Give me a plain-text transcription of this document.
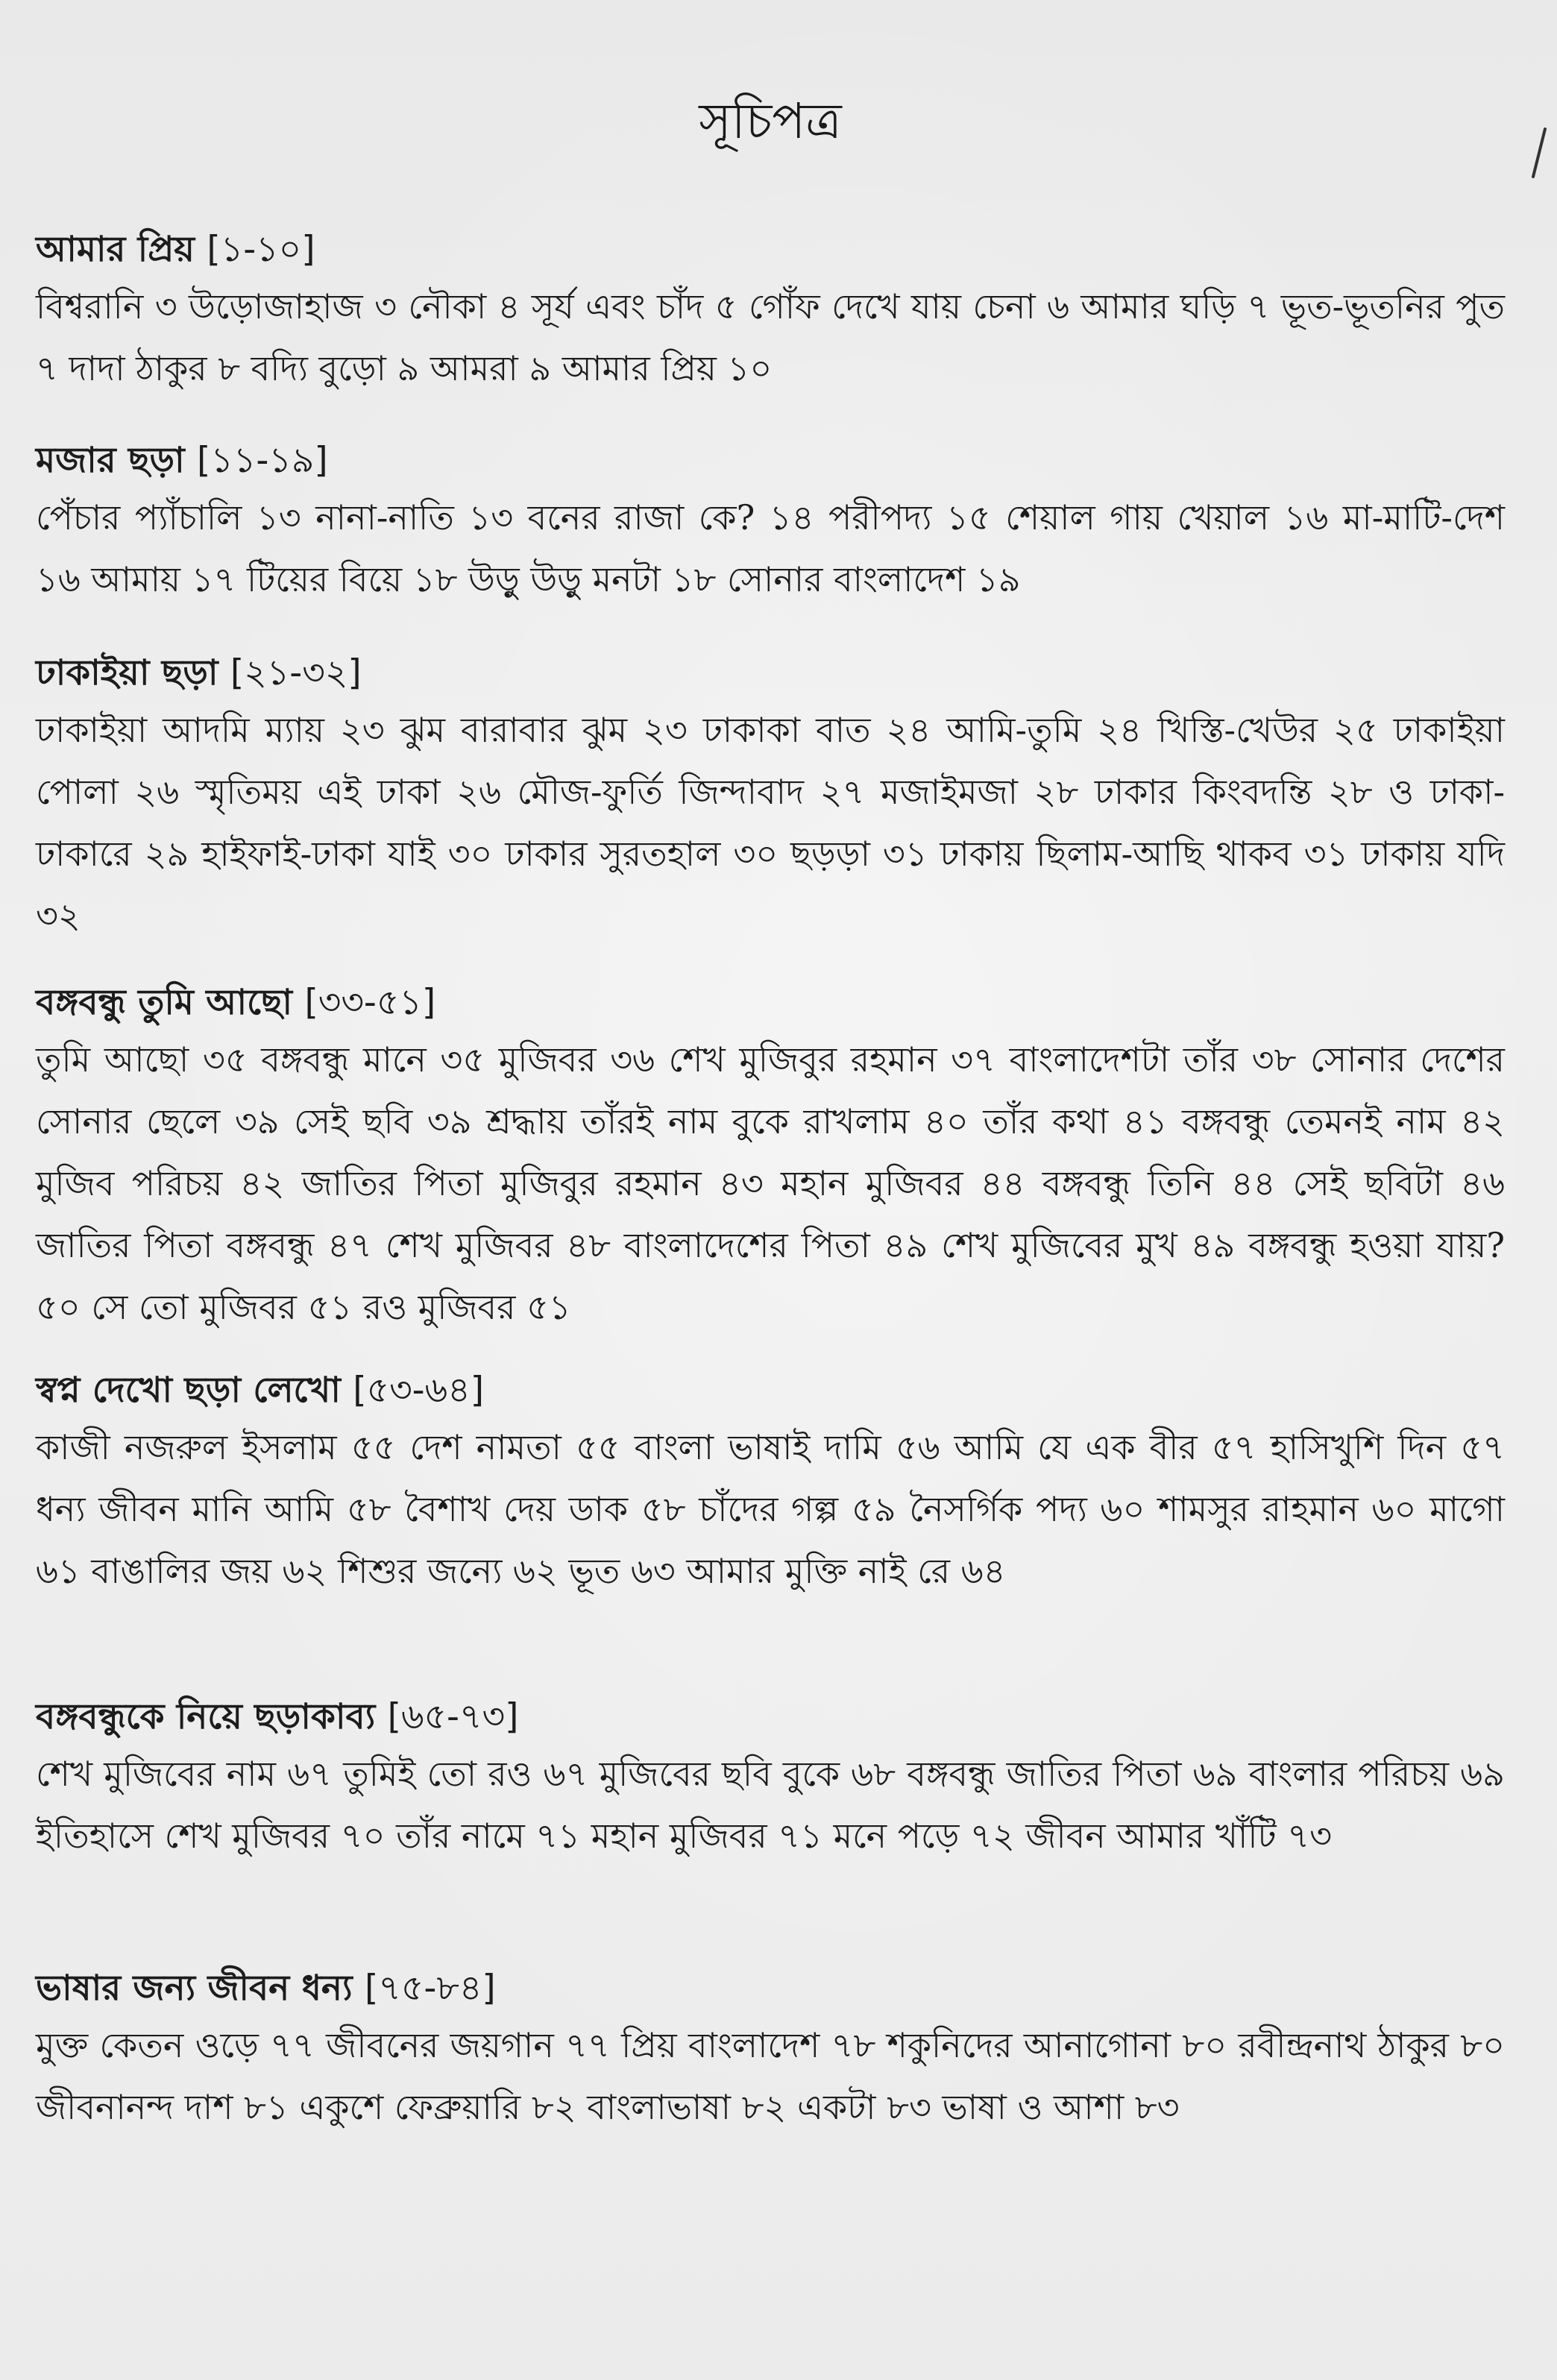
সূচিপত্র
আমার প্রিয় [১-১০]

বিশ্বরানি ৩ উড়োজাহাজ ৩ নৌকা ৪ সূর্য এবং চাঁদ ৫ গোঁফ দেখে যায় চেনা ৬ আমার ঘড়ি ৭ ভূত-ভূতনির পুত ৭ দাদা ঠাকুর ৮ বদ্যি বুড়ো ৯ আমরা ৯ আমার প্রিয় ১০

মজার ছড়া [১১-১৯]

পেঁচার প্যাঁচালি ১৩ নানা-নাতি ১৩ বনের রাজা কে? ১৪ পরীপদ্য ১৫ শেয়াল গায় খেয়াল ১৬ মা-মাটি-দেশ ১৬ আমায় ১৭ টিয়ের বিয়ে ১৮ উড়ু উড়ু মনটা ১৮ সোনার বাংলাদেশ ১৯

ঢাকাইয়া ছড়া [২১-৩২]

ঢাকাইয়া আদমি ম্যায় ২৩ ঝুম বারাবার ঝুম ২৩ ঢাকাকা বাত ২৪ আমি-তুমি ২৪ খিস্তি-খেউর ২৫ ঢাকাইয়া পোলা ২৬ স্মৃতিময় এই ঢাকা ২৬ মৌজ-ফুর্তি জিন্দাবাদ ২৭ মজাইমজা ২৮ ঢাকার কিংবদন্তি ২৮ ও ঢাকা-ঢাকারে ২৯ হাইফাই-ঢাকা যাই ৩০ ঢাকার সুরতহাল ৩০ ছড়ড়া ৩১ ঢাকায় ছিলাম-আছি থাকব ৩১ ঢাকায় যদি ৩২

বঙ্গবন্ধু তুমি আছো [৩৩-৫১]

তুমি আছো ৩৫ বঙ্গবন্ধু মানে ৩৫ মুজিবর ৩৬ শেখ মুজিবুর রহমান ৩৭ বাংলাদেশটা তাঁর ৩৮ সোনার দেশের সোনার ছেলে ৩৯ সেই ছবি ৩৯ শ্রদ্ধায় তাঁরই নাম বুকে রাখলাম ৪০ তাঁর কথা ৪১ বঙ্গবন্ধু তেমনই নাম ৪২ মুজিব পরিচয় ৪২ জাতির পিতা মুজিবুর রহমান ৪৩ মহান মুজিবর ৪৪ বঙ্গবন্ধু তিনি ৪৪ সেই ছবিটা ৪৬ জাতির পিতা বঙ্গবন্ধু ৪৭ শেখ মুজিবর ৪৮ বাংলাদেশের পিতা ৪৯ শেখ মুজিবের মুখ ৪৯ বঙ্গবন্ধু হওয়া যায়? ৫০ সে তো মুজিবর ৫১ রও মুজিবর ৫১

স্বপ্ন দেখো ছড়া লেখো [৫৩-৬৪]

কাজী নজরুল ইসলাম ৫৫ দেশ নামতা ৫৫ বাংলা ভাষাই দামি ৫৬ আমি যে এক বীর ৫৭ হাসিখুশি দিন ৫৭ ধন্য জীবন মানি আমি ৫৮ বৈশাখ দেয় ডাক ৫৮ চাঁদের গল্প ৫৯ নৈসর্গিক পদ্য ৬০ শামসুর রাহমান ৬০ মাগো ৬১ বাঙালির জয় ৬২ শিশুর জন্যে ৬২ ভূত ৬৩ আমার মুক্তি নাই রে ৬৪

বঙ্গবন্ধুকে নিয়ে ছড়াকাব্য [৬৫-৭৩]

শেখ মুজিবের নাম ৬৭ তুমিই তো রও ৬৭ মুজিবের ছবি বুকে ৬৮ বঙ্গবন্ধু জাতির পিতা ৬৯ বাংলার পরিচয় ৬৯ ইতিহাসে শেখ মুজিবর ৭০ তাঁর নামে ৭১ মহান মুজিবর ৭১ মনে পড়ে ৭২ জীবন আমার খাঁটি ৭৩

ভাষার জন্য জীবন ধন্য [৭৫-৮৪]

মুক্ত কেতন ওড়ে ৭৭ জীবনের জয়গান ৭৭ প্রিয় বাংলাদেশ ৭৮ শকুনিদের আনাগোনা ৮০ রবীন্দ্রনাথ ঠাকুর ৮০ জীবনানন্দ দাশ ৮১ একুশে ফেব্রুয়ারি ৮২ বাংলাভাষা ৮২ একটা ৮৩ ভাষা ও আশা ৮৩
